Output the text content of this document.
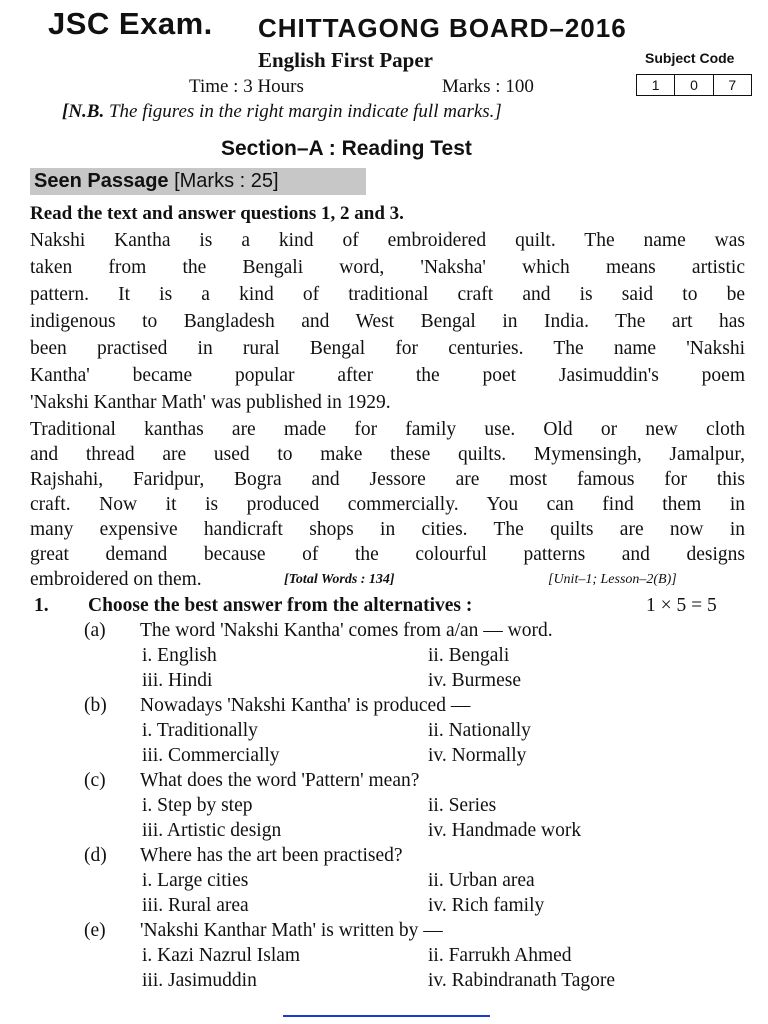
JSC Exam. CHITTAGONG BOARD–2016
English First Paper	Subject Code
1	0	7
Time : 3 Hours	Marks : 100
[N.B. The figures in the right margin indicate full marks.]
Section–A : Reading Test
Seen Passage [Marks : 25]
Read the text and answer questions 1, 2 and 3.
Nakshi Kantha is a kind of embroidered quilt. The name was
taken from the Bengali word, 'Naksha' which means artistic
pattern. It is a kind of traditional craft and is said to be
indigenous to Bangladesh and West Bengal in India. The art has
been practised in rural Bengal for centuries. The name 'Nakshi
Kantha' became popular after the poet Jasimuddin's poem
'Nakshi Kanthar Math' was published in 1929.
Traditional kanthas are made for family use. Old or new cloth
and thread are used to make these quilts. Mymensingh, Jamalpur,
Rajshahi, Faridpur, Bogra and Jessore are most famous for this
craft. Now it is produced commercially. You can find them in
many expensive handicraft shops in cities. The quilts are now in
great demand because of the colourful patterns and designs
embroidered on them.	[Total Words : 134]	[Unit–1; Lesson–2(B)]
1. Choose the best answer from the alternatives :	1 × 5 = 5
(a) The word 'Nakshi Kantha' comes from a/an — word.
i. English	ii. Bengali
iii. Hindi	iv. Burmese
(b) Nowadays 'Nakshi Kantha' is produced —
i. Traditionally	ii. Nationally
iii. Commercially	iv. Normally
(c) What does the word 'Pattern' mean?
i. Step by step	ii. Series
iii. Artistic design	iv. Handmade work
(d) Where has the art been practised?
i. Large cities	ii. Urban area
iii. Rural area	iv. Rich family
(e) 'Nakshi Kanthar Math' is written by —
i. Kazi Nazrul Islam	ii. Farrukh Ahmed
iii. Jasimuddin	iv. Rabindranath Tagore
